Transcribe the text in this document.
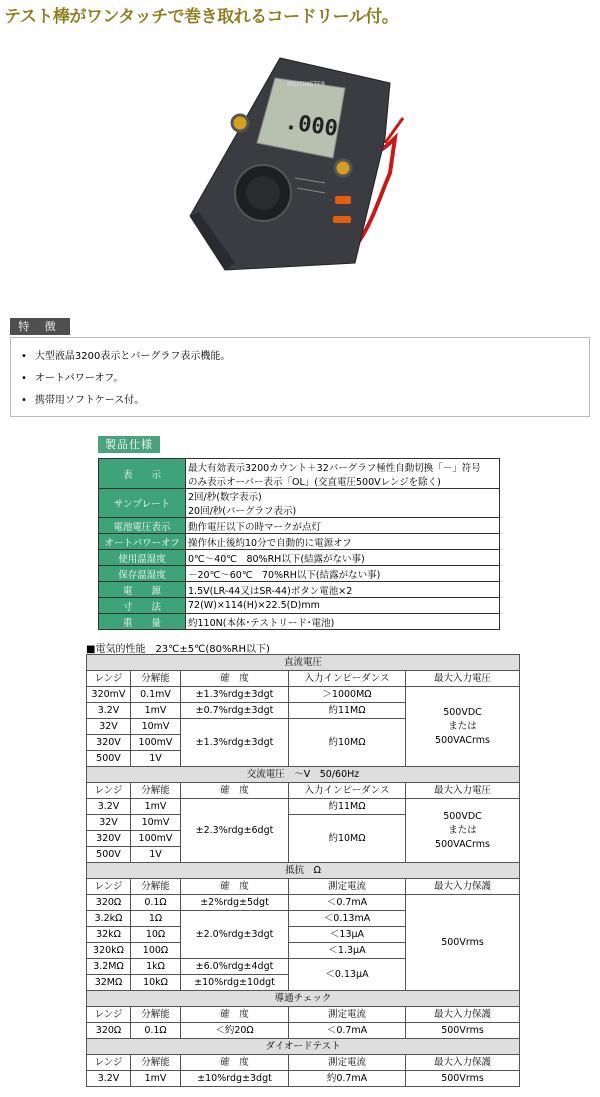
テスト棒がワンタッチで巻き取れるコードリール付。
.000
MULTIMETER
特 徴
• 大型液晶3200表示とバーグラフ表示機能。
• オートパワーオフ。
• 携帯用ソフトケース付。
製品仕様
表　　示	最大有効表示3200カウント＋32バーグラフ極性自動切換「－」符号
のみ表示オーバー表示「OL」(交直電圧500Vレンジを除く)

サンプレート	2回/秒(数字表示)
20回/秒(バーグラフ表示)

電池電圧表示	動作電圧以下の時マークが点灯
オートパワーオフ	操作休止後約10分で自動的に電源オフ
使用温湿度	0℃～40℃　80%RH以下(結露がない事)
保存温湿度	－20℃～60℃　70%RH以下(結露がない事)
電　　源	1.5V(LR-44又はSR-44)ボタン電池×2
寸　　法	72(W)×114(H)×22.5(D)mm
重　　量	約110N(本体･テストリード･電池)
■電気的性能　23℃±5℃(80%RH以下)
直流電圧				
レンジ	分解能	確　度	入力インピーダンス	最大入力電圧
320mV	0.1mV	±1.3%rdg±3dgt	＞1000MΩ	500VDC
または
500VACrms

3.2V	1mV	±0.7%rdg±3dgt	約11MΩ	
32V	10mV	±1.3%rdg±3dgt	約10MΩ	
320V	100mV			
500V	1V			
交流電圧　～V　50/60Hz				
レンジ	分解能	確　度	入力インピーダンス	最大入力電圧
3.2V	1mV	±2.3%rdg±6dgt	約11MΩ	500VDC
または
500VACrms

32V	10mV		約10MΩ	
320V	100mV			
500V	1V			
抵抗　Ω				
レンジ	分解能	確　度	測定電流	最大入力保護
320Ω	0.1Ω	±2%rdg±5dgt	＜0.7mA	500Vrms
3.2kΩ	1Ω	±2.0%rdg±3dgt	＜0.13mA	
32kΩ	10Ω		＜13μA	
320kΩ	100Ω		＜1.3μA	
3.2MΩ	1kΩ	±6.0%rdg±4dgt	＜0.13μA	
32MΩ	10kΩ	±10%rdg±10dgt		
導通チェック				
レンジ	分解能	確　度	測定電流	最大入力保護
320Ω	0.1Ω	＜約20Ω	＜0.7mA	500Vrms
ダイオードテスト				
レンジ	分解能	確　度	測定電流	最大入力保護
3.2V	1mV	±10%rdg±3dgt	約0.7mA	500Vrms
